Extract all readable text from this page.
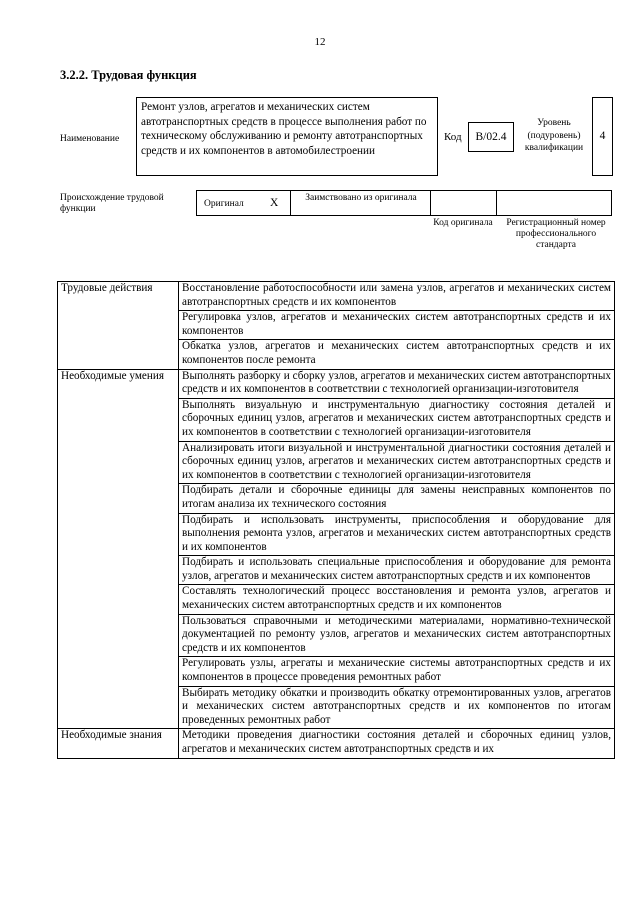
12
3.2.2. Трудовая функция
Наименование
Ремонт узлов, агрегатов и механических систем автотранспортных средств в процессе выполнения работ по техническому обслуживанию и ремонту автотранспортных средств и их компонентов в автомобилестроении
Код	B/02.4
Уровень (подуровень) квалификации
4
Происхождение трудовой функции	Оригинал X	Заимствовано из оригинала
Код оригинала	Регистрационный номер профессионального стандарта
Трудовые действия	Восстановление работоспособности или замена узлов, агрегатов и механических систем автотранспортных средств и их компонентов
	Регулировка узлов, агрегатов и механических систем автотранспортных средств и их компонентов
	Обкатка узлов, агрегатов и механических систем автотранспортных средств и их компонентов после ремонта
Необходимые умения	Выполнять разборку и сборку узлов, агрегатов и механических систем автотранспортных средств и их компонентов в соответствии с технологией организации-изготовителя
	Выполнять визуальную и инструментальную диагностику состояния деталей и сборочных единиц узлов, агрегатов и механических систем автотранспортных средств и их компонентов в соответствии с технологией организации-изготовителя
	Анализировать итоги визуальной и инструментальной диагностики состояния деталей и сборочных единиц узлов, агрегатов и механических систем автотранспортных средств и их компонентов в соответствии с технологией организации-изготовителя
	Подбирать детали и сборочные единицы для замены неисправных компонентов по итогам анализа их технического состояния
	Подбирать и использовать инструменты, приспособления и оборудование для выполнения ремонта узлов, агрегатов и механических систем автотранспортных средств и их компонентов
	Подбирать и использовать специальные приспособления и оборудование для ремонта узлов, агрегатов и механических систем автотранспортных средств и их компонентов
	Составлять технологический процесс восстановления и ремонта узлов, агрегатов и механических систем автотранспортных средств и их компонентов
	Пользоваться справочными и методическими материалами, нормативно-технической документацией по ремонту узлов, агрегатов и механических систем автотранспортных средств и их компонентов
	Регулировать узлы, агрегаты и механические системы автотранспортных средств и их компонентов в процессе проведения ремонтных работ
	Выбирать методику обкатки и производить обкатку отремонтированных узлов, агрегатов и механических систем автотранспортных средств и их компонентов по итогам проведенных ремонтных работ
Необходимые знания	Методики проведения диагностики состояния деталей и сборочных единиц узлов, агрегатов и механических систем автотранспортных средств и их
